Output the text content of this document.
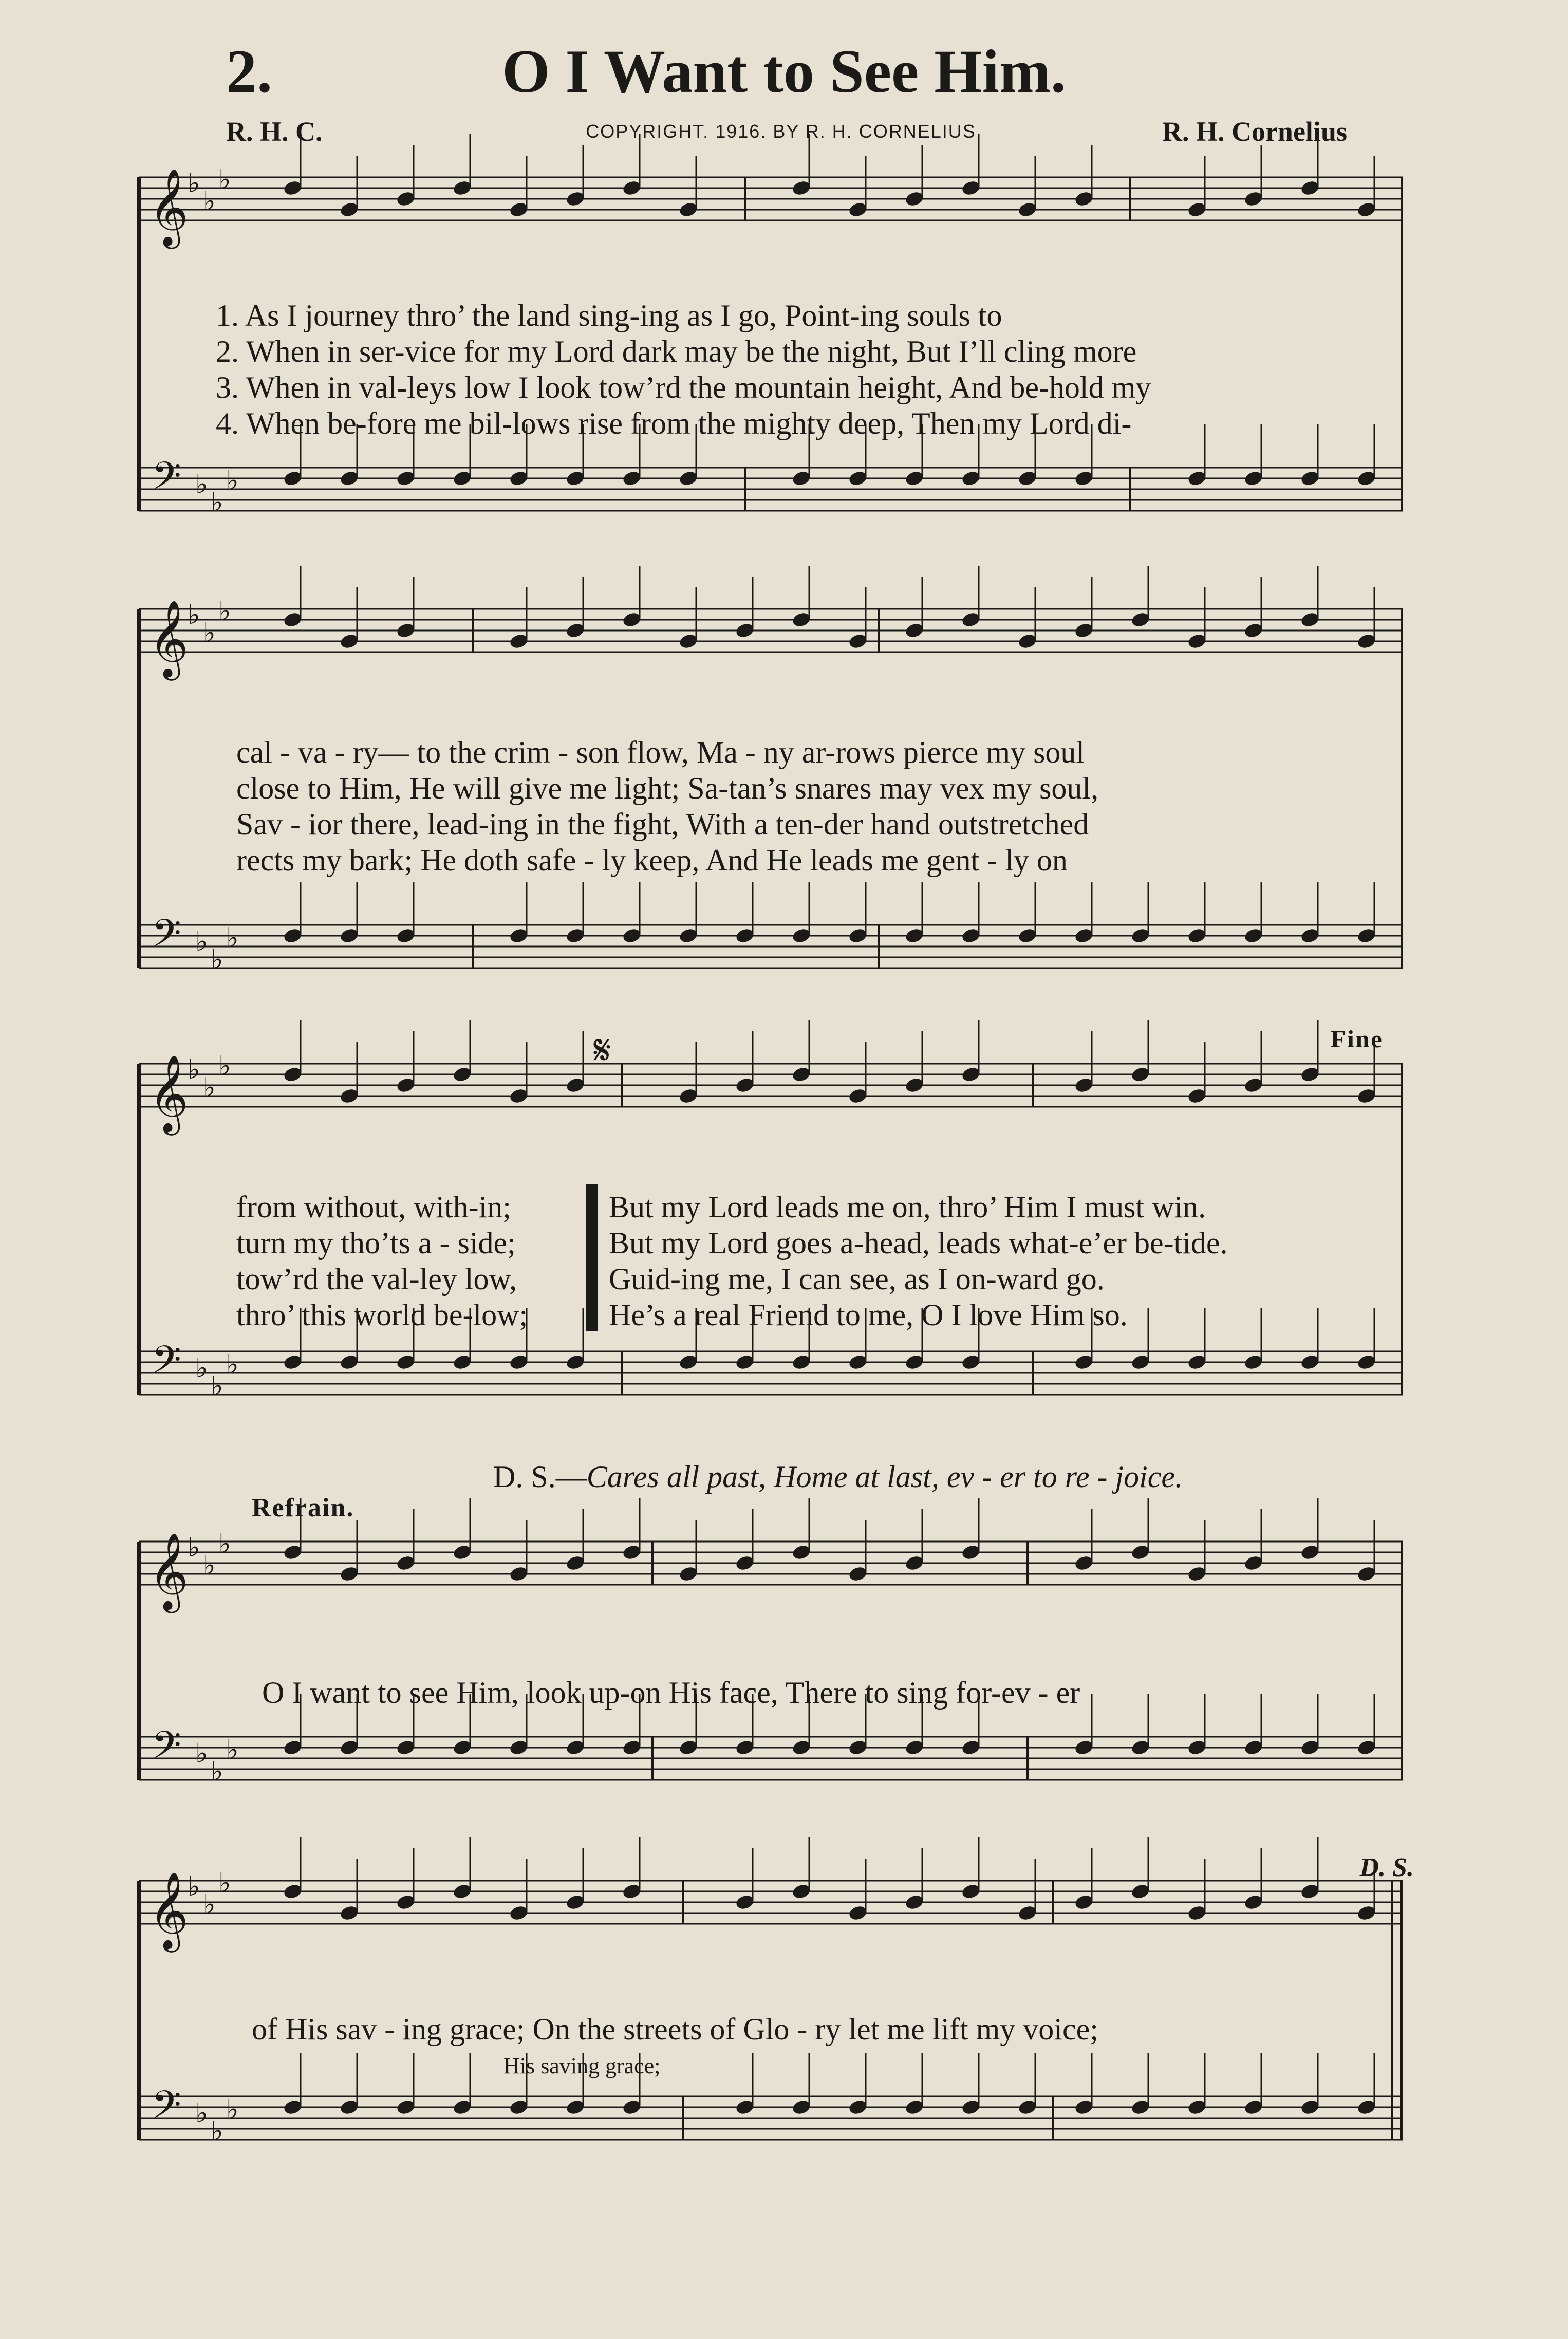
2.	O I Want to See Him.
R. H. C.	COPYRIGHT. 1916. BY R. H. CORNELIUS.	R. H. Cornelius
𝄞
♭
♭
♭
𝄢 ♭
♭
♭
1. As I journey thro’ the land sing-ing as I go, Point-ing souls to
2. When in ser-vice for my Lord dark may be the night, But I’ll cling more
3. When in val-leys low I look tow’rd the mountain height, And be-hold my
4. When be-fore me bil-lows rise from the mighty deep, Then my Lord di-
𝄞
♭
♭
♭
𝄢 ♭
♭
♭
cal - va - ry— to the crim - son flow, Ma - ny ar-rows pierce my soul
close to Him, He will give me light; Sa-tan’s snares may vex my soul,
Sav - ior there, lead-ing in the fight, With a ten-der hand outstretched
rects my bark; He doth safe - ly keep, And He leads me gent - ly on
𝄋	Fine
𝄞
♭
♭
♭
𝄢 ♭
♭
♭
from without, with-in;
turn my tho’ts a - side;
tow’rd the val-ley low,
thro’ this world be-low;
But my Lord leads me on, thro’ Him I must win.
But my Lord goes a-head, leads what-e’er be-tide.
Guid-ing me, I can see, as I on-ward go.
He’s a real Friend to me, O I love Him so.
D. S.—Cares all past, Home at last, ev - er to re - joice.
Refrain.
𝄞
♭
♭
♭
𝄢 ♭
♭
♭
O I want to see Him, look up-on His face, There to sing for-ev - er
D. S.
𝄞
♭
♭
♭
𝄢 ♭
♭
♭
of His sav - ing grace; On the streets of Glo - ry let me lift my voice;
His saving grace;
